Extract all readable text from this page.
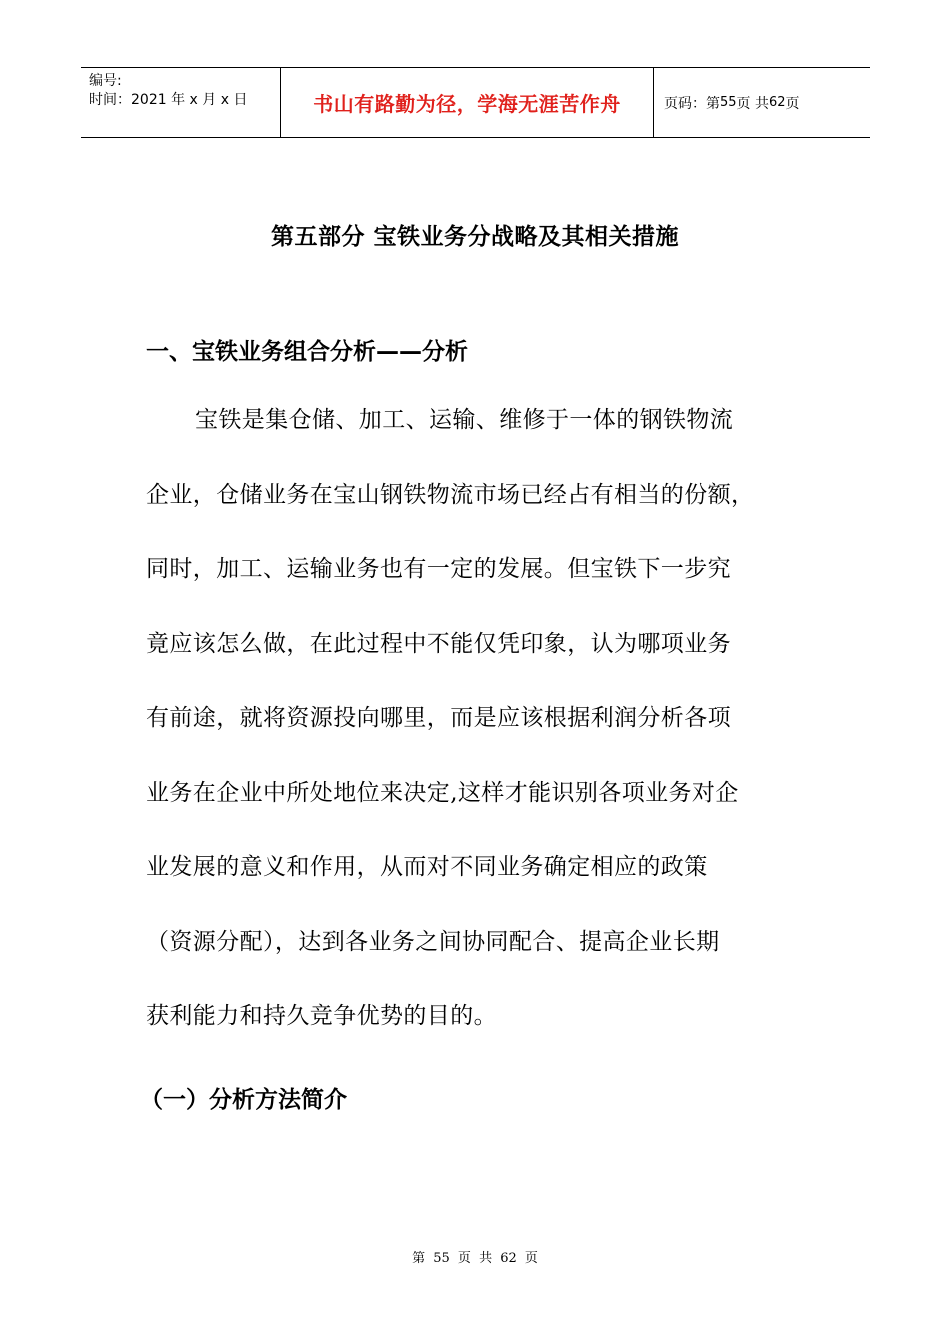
编号:
时间：2021 年 x 月 x 日	书山有路勤为径，学海无涯苦作舟	页码：第 55 页 共 62 页
第五部分 宝铁业务分战略及其相关措施
一、宝铁业务组合分析——分析
宝铁是集仓储、加工、运输、维修于一体的钢铁物流
企业，仓储业务在宝山钢铁物流市场已经占有相当的份额，
同时，加工、运输业务也有一定的发展。但宝铁下一步究
竟应该怎么做，在此过程中不能仅凭印象，认为哪项业务
有前途，就将资源投向哪里，而是应该根据利润分析各项
业务在企业中所处地位来决定,这样才能识别各项业务对企
业发展的意义和作用，从而对不同业务确定相应的政策
（资源分配），达到各业务之间协同配合、提高企业长期
获利能力和持久竞争优势的目的。
（一）分析方法简介
第 55 页 共 62 页
